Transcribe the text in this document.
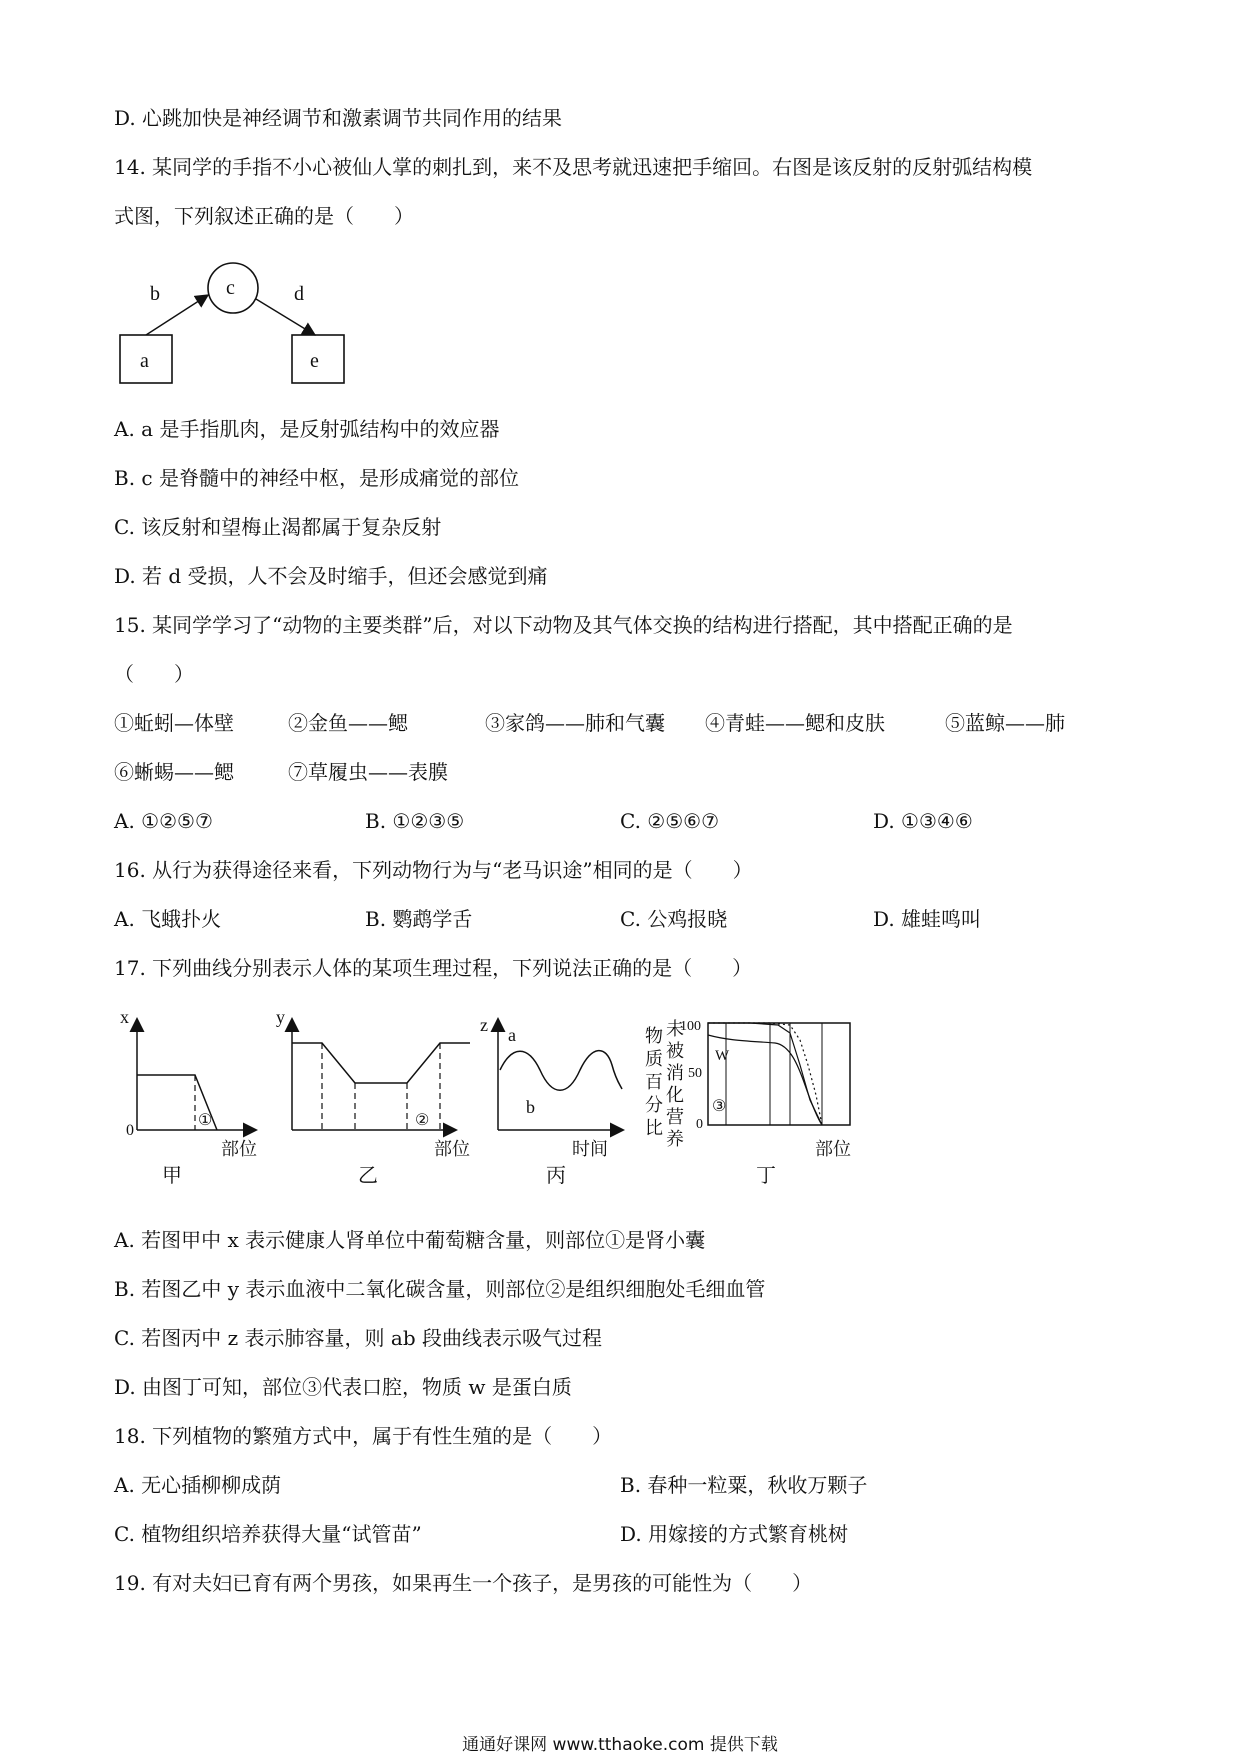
D. 心跳加快是神经调节和激素调节共同作用的结果
14. 某同学的手指不小心被仙人掌的刺扎到，来不及思考就迅速把手缩回。右图是该反射的反射弧结构模
式图，下列叙述正确的是（　　）
a
c
e
b	d
A. a 是手指肌肉，是反射弧结构中的效应器
B. c 是脊髓中的神经中枢，是形成痛觉的部位
C. 该反射和望梅止渴都属于复杂反射
D. 若 d 受损，人不会及时缩手，但还会感觉到痛
15. 某同学学习了“动物的主要类群”后，对以下动物及其气体交换的结构进行搭配，其中搭配正确的是
（　　）
①蚯蚓—体壁	②金鱼——鳃	③家鸽——肺和气囊 ④青蛙——鳃和皮肤	⑤蓝鲸——肺
⑥蜥蜴——鳃	⑦草履虫——表膜
A. ①②⑤⑦	B. ①②③⑤	C. ②⑤⑥⑦	D. ①③④⑥
16. 从行为获得途径来看，下列动物行为与“老马识途”相同的是（　　）
A. 飞蛾扑火	B. 鹦鹉学舌	C. 公鸡报晓	D. 雄蛙鸣叫
17. 下列曲线分别表示人体的某项生理过程，下列说法正确的是（　　）
x
0
①
部位
甲
y
②
部位
乙
z a
b
时间
丙
物
质
百
分
比
未
被
消
化
营
养
100
50
0
W
③
部位
丁
A. 若图甲中 x 表示健康人肾单位中葡萄糖含量，则部位①是肾小囊
B. 若图乙中 y 表示血液中二氧化碳含量，则部位②是组织细胞处毛细血管
C. 若图丙中 z 表示肺容量，则 ab 段曲线表示吸气过程
D. 由图丁可知，部位③代表口腔，物质 w 是蛋白质
18. 下列植物的繁殖方式中，属于有性生殖的是（　　）
A. 无心插柳柳成荫	B. 春种一粒粟，秋收万颗子
C. 植物组织培养获得大量“试管苗”	D. 用嫁接的方式繁育桃树
19. 有对夫妇已育有两个男孩，如果再生一个孩子，是男孩的可能性为（　　）
通通好课网 www.tthaoke.com 提供下载
